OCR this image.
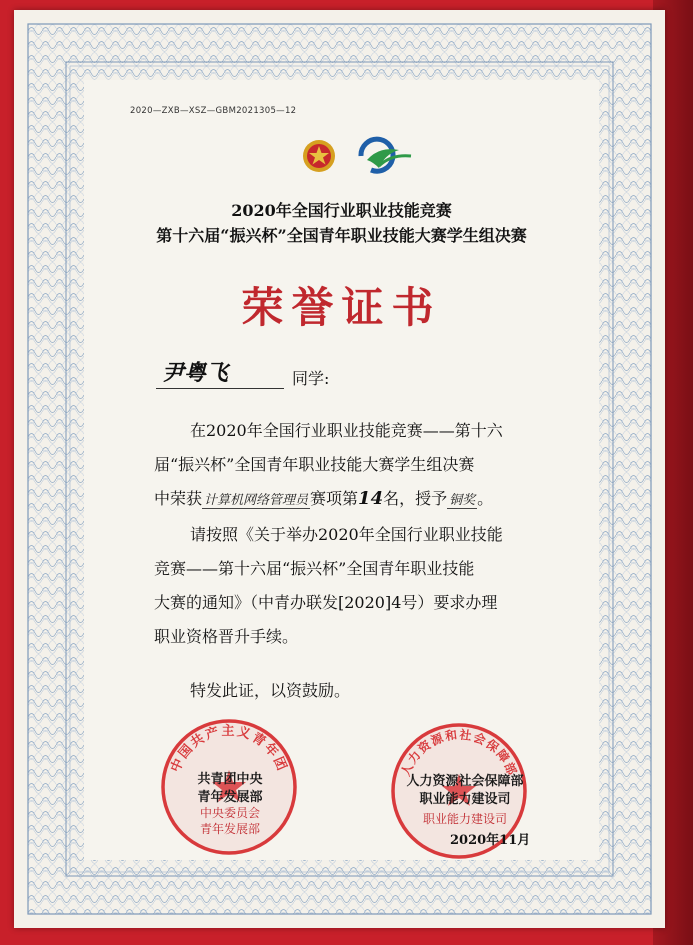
2020—ZXB—XSZ—GBM2021305—12
2020年全国行业职业技能竞赛
第十六届“振兴杯”全国青年职业技能大赛学生组决赛
荣誉证书
尹粤飞	同学:
在2020年全国行业职业技能竞赛——第十六
届“振兴杯”全国青年职业技能大赛学生组决赛
中荣获 计算机网络管理员 赛项第14名，授予 铜奖 。
请按照《关于举办2020年全国行业职业技能
竞赛——第十六届“振兴杯”全国青年职业技能
大赛的通知》（中青办联发[2020]4号）要求办理
职业资格晋升手续。
特发此证，以资鼓励。
中国共产主义青年团
共青团中央
青年发展部
中央委员会
青年发展部
人力资源和社会保障部
人力资源社会保障部
职业能力建设司
职业能力建设司
2020年11月
